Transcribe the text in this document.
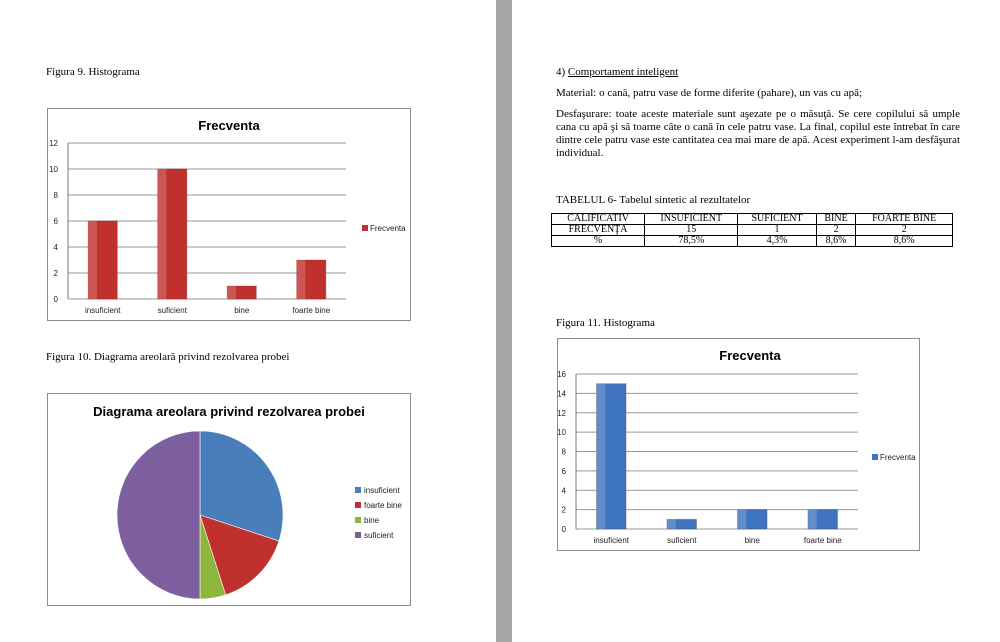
Figura 9. Histograma
Frecventa
0
2
4
6
8
10
12
insuficient	suficient	bine	foarte bine
Frecventa
Figura 10. Diagrama areolară privind rezolvarea probei
Diagrama areolara privind rezolvarea probei
insuficient
foarte bine
bine
suficient
4) Comportament inteligent
Material: o cană, patru vase de forme diferite (pahare), un vas cu apă;
Desfaşurare: toate aceste materiale sunt aşezate pe o măsuţă. Se cere copilului să umple cana cu apă şi să toarne câte o cană în cele patru vase. La final, copilul este întrebat în care dintre cele patru vase este cantitatea cea mai mare de apă. Acest experiment l-am desfăşurat individual.
TABELUL 6- Tabelul sintetic al rezultatelor
CALIFICATIV	INSUFICIENT	SUFICIENT	BINE	FOARTE BINE
FRECVENŢA	15	1	2	2
%	78,5%	4,3%	8,6%	8,6%
Figura 11. Histograma
Frecventa
0
2
4
6
8
10
12
14
16
insuficient	suficient	bine	foarte bine
Frecventa
